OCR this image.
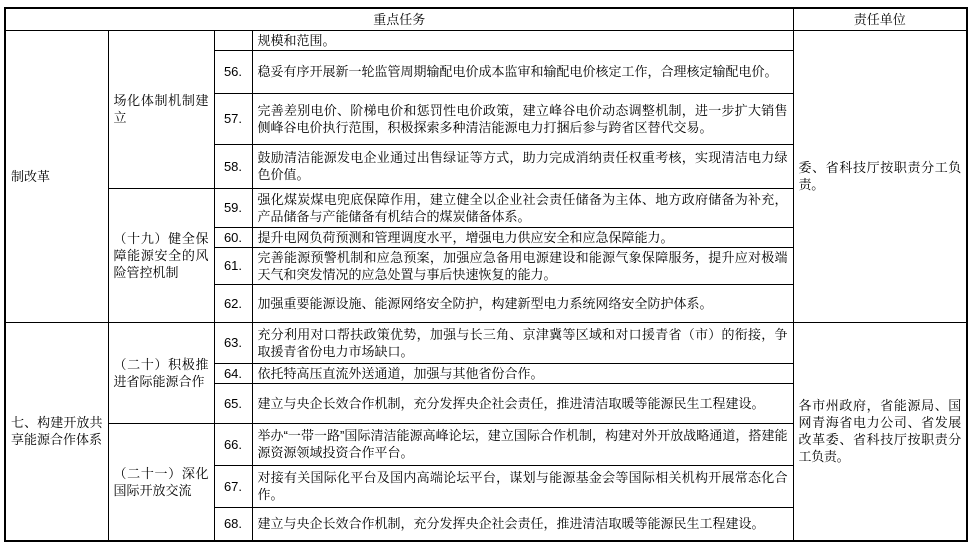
重点任务				责任单位
制改革	场化体制机制建立		规模和范围。	委、省科技厅按职责分工负责。
		56.	稳妥有序开展新一轮监管周期输配电价成本监审和输配电价核定工作，合理核定输配电价。	
		57.	完善差别电价、阶梯电价和惩罚性电价政策，建立峰谷电价动态调整机制，进一步扩大销售侧峰谷电价执行范围，积极探索多种清洁能源电力打捆后参与跨省区替代交易。	
		58.	鼓励清洁能源发电企业通过出售绿证等方式，助力完成消纳责任权重考核，实现清洁电力绿色价值。	
	（十九）健全保障能源安全的风险管控机制	59.	强化煤炭煤电兜底保障作用，建立健全以企业社会责任储备为主体、地方政府储备为补充，产品储备与产能储备有机结合的煤炭储备体系。	
		60.	提升电网负荷预测和管理调度水平，增强电力供应安全和应急保障能力。	
		61.	完善能源预警机制和应急预案，加强应急备用电源建设和能源气象保障服务，提升应对极端天气和突发情况的应急处置与事后快速恢复的能力。	
		62.	加强重要能源设施、能源网络安全防护，构建新型电力系统网络安全防护体系。	
七、构建开放共享能源合作体系	（二十）积极推进省际能源合作	63.	充分利用对口帮扶政策优势，加强与长三角、京津冀等区域和对口援青省（市）的衔接，争取援青省份电力市场缺口。	各市州政府，省能源局、国网青海省电力公司、省发展改革委、省科技厅按职责分工负责。
		64.	依托特高压直流外送通道，加强与其他省份合作。	
		65.	建立与央企长效合作机制，充分发挥央企社会责任，推进清洁取暖等能源民生工程建设。	
	（二十一）深化国际开放交流	66.	举办“一带一路”国际清洁能源高峰论坛，建立国际合作机制，构建对外开放战略通道，搭建能源资源领域投资合作平台。	
		67.	对接有关国际化平台及国内高端论坛平台，谋划与能源基金会等国际相关机构开展常态化合作。	
		68.	建立与央企长效合作机制，充分发挥央企社会责任，推进清洁取暖等能源民生工程建设。	
